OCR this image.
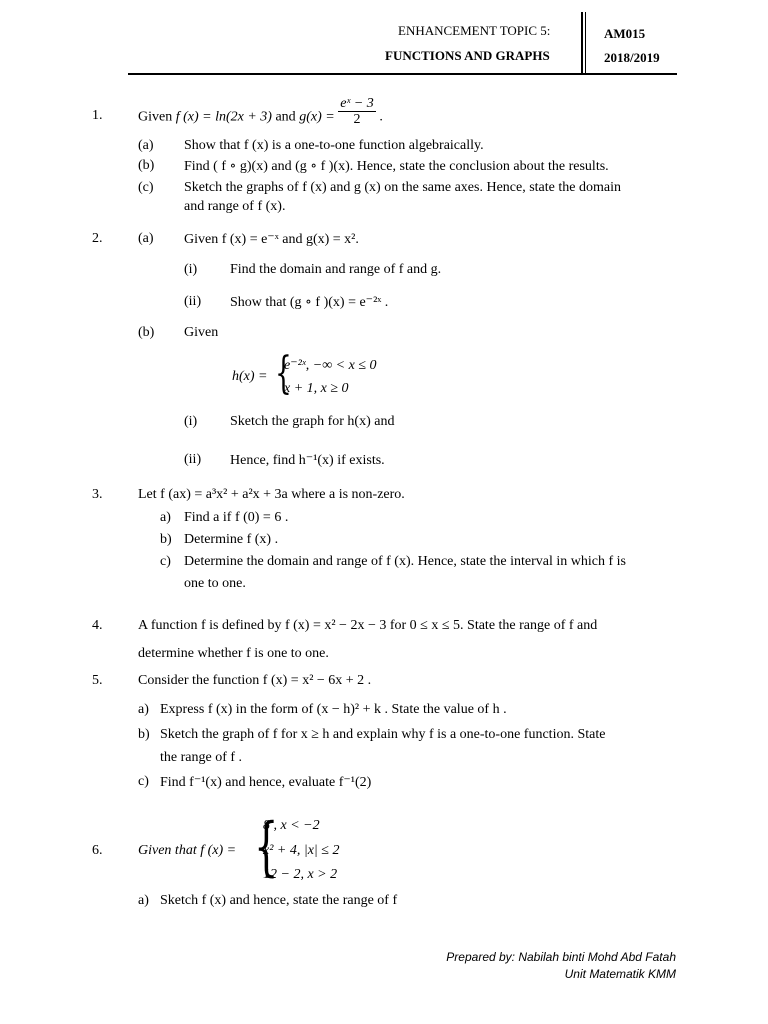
ENHANCEMENT TOPIC 5:
FUNCTIONS AND GRAPHS
AM015
2018/2019
1.	Given f (x) = ln(2x + 3) and $g(x) = \frac{\text{eˣ − 3}}{2}$ .
(a) Show that f (x) is a one-to-one function algebraically.
(b) Find ( f ∘ g)(x) and (g ∘ f )(x). Hence, state the conclusion about the results.
(c) Sketch the graphs of f (x) and g (x) on the same axes. Hence, state the domain
and range of f (x).
2.	(a) Given f (x) = e⁻ˣ and g(x) = x².
(i) Find the domain and range of f and g.
(ii) Show that (g ∘ f )(x) = e⁻²ˣ .
(b) Given
h(x) = {
e⁻²ˣ, −∞ < x ≤ 0
x + 1, x ≥ 0
(i) Sketch the graph for h(x) and
(ii) Hence, find h⁻¹(x) if exists.
3.	Let f (ax) = a³x² + a²x + 3a where a is non-zero.
a) Find a if f (0) = 6 .
b) Determine f (x) .
c) Determine the domain and range of f (x). Hence, state the interval in which f is
one to one.
4.	A function f is defined by f (x) = x² − 2x − 3 for 0 ≤ x ≤ 5. State the range of f and
determine whether f is one to one.
5.	Consider the function f (x) = x² − 6x + 2 .
a) Express f (x) in the form of (x − h)² + k . State the value of h .
b) Sketch the graph of f for x ≥ h and explain why f is a one-to-one function. State
the range of f .
c) Find f⁻¹(x) and hence, evaluate f⁻¹(2)
6.	Given that f (x) = {
8 , x < −2
x² + 4, |x| ≤ 2
12 − 2, x > 2
a) Sketch f (x) and hence, state the range of f
Prepared by: Nabilah binti Mohd Abd Fatah
Unit Matematik KMM
